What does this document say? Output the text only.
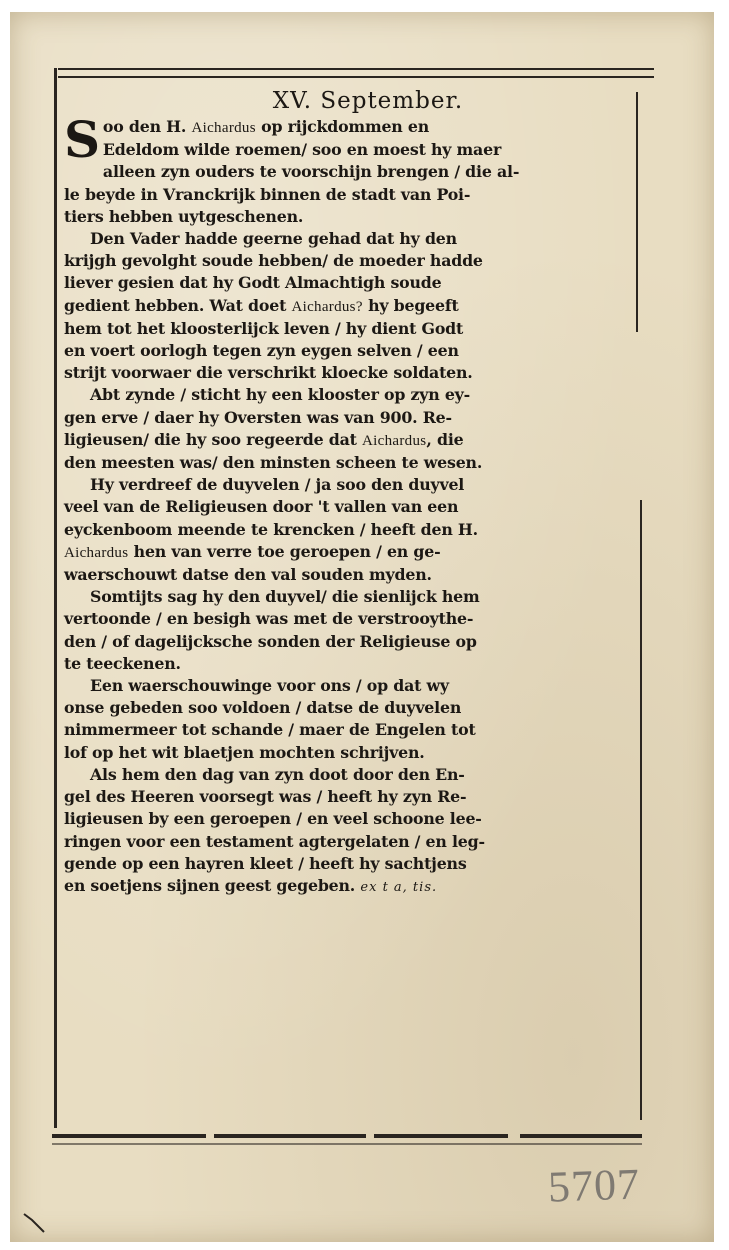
XV. September.
S oo den H. Aichardus op rijckdommen en
Edeldom wilde roemen/ soo en moest hy maer
alleen zyn ouders te voorschijn brengen / die al-
le beyde in Vranckrijk binnen de stadt van Poi-
tiers hebben uytgeschenen.
Den Vader hadde geerne gehad dat hy den
krijgh gevolght soude hebben/ de moeder hadde
liever gesien dat hy Godt Almachtigh soude
gedient hebben. Wat doet Aichardus? hy begeeft
hem tot het kloosterlijck leven / hy dient Godt
en voert oorlogh tegen zyn eygen selven / een
strijt voorwaer die verschrikt kloecke soldaten.
Abt zynde / sticht hy een klooster op zyn ey-
gen erve / daer hy Oversten was van 900. Re-
ligieusen/ die hy soo regeerde dat Aichardus, die
den meesten was/ den minsten scheen te wesen.
Hy verdreef de duyvelen / ja soo den duyvel
veel van de Religieusen door 't vallen van een
eyckenboom meende te krencken / heeft den H.
Aichardus hen van verre toe geroepen / en ge-
waerschouwt datse den val souden myden.
Somtijts sag hy den duyvel/ die sienlijck hem
vertoonde / en besigh was met de verstrooythe-
den / of dagelijcksche sonden der Religieuse op
te teeckenen.
Een waerschouwinge voor ons / op dat wy
onse gebeden soo voldoen / datse de duyvelen
nimmermeer tot schande / maer de Engelen tot
lof op het wit blaetjen mochten schrijven.
Als hem den dag van zyn doot door den En-
gel des Heeren voorsegt was / heeft hy zyn Re-
ligieusen by een geroepen / en veel schoone lee-
ringen voor een testament agtergelaten / en leg-
gende op een hayren kleet / heeft hy sachtjens
en soetjens sijnen geest gegeben. ex t a, tis.
5707
